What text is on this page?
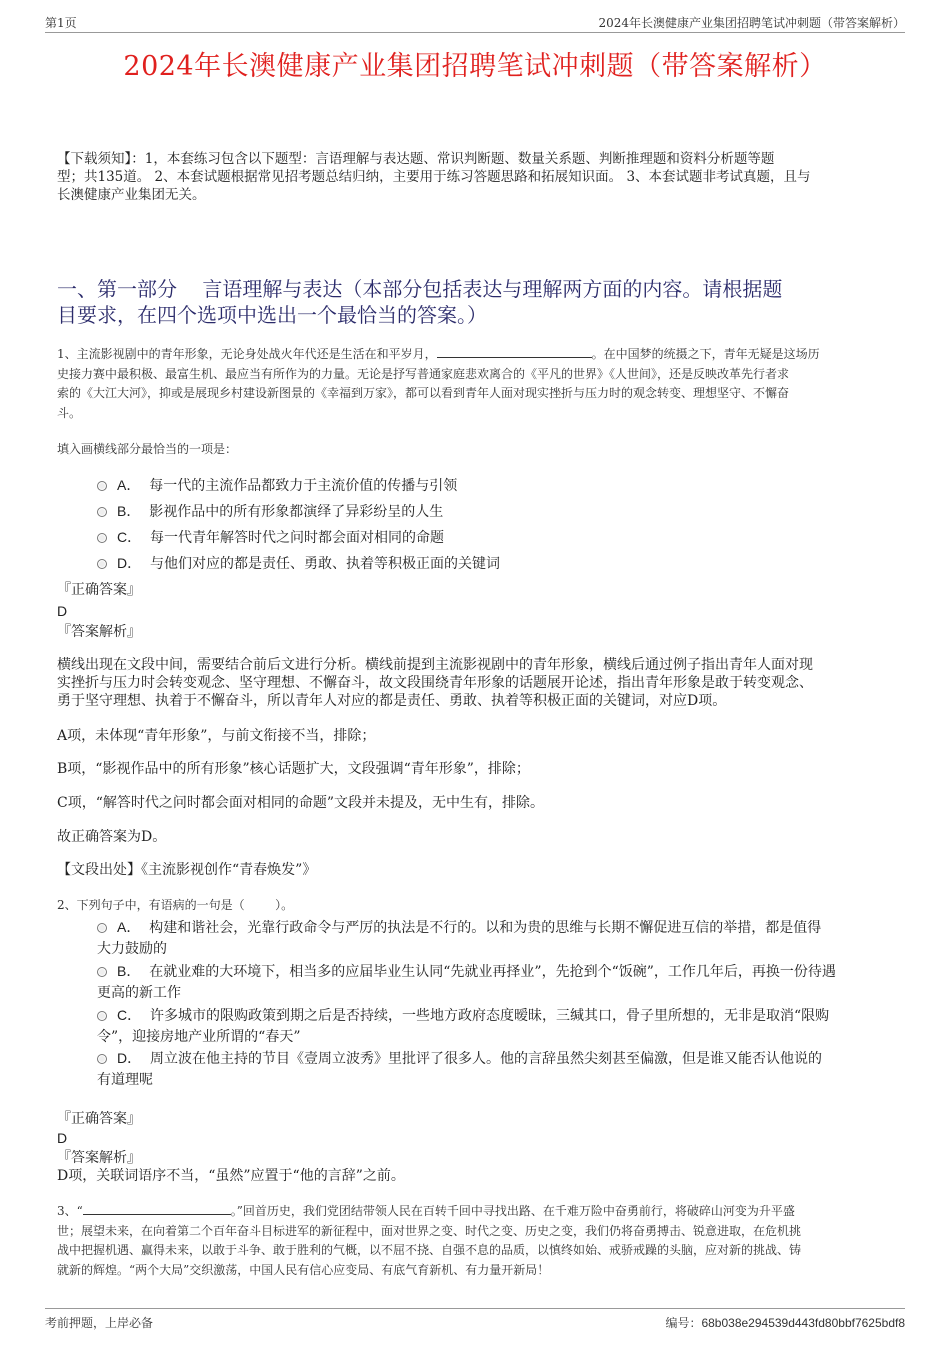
第1页	2024年长澳健康产业集团招聘笔试冲刺题（带答案解析）
2024年长澳健康产业集团招聘笔试冲刺题（带答案解析）
【下载须知】：1，本套练习包含以下题型：言语理解与表达题、常识判断题、数量关系题、判断推理题和资料分析题等题
型；共135道。 2、本套试题根据常见招考题总结归纳，主要用于练习答题思路和拓展知识面。 3、本套试题非考试真题，且与
长澳健康产业集团无关。
一、第一部分    言语理解与表达（本部分包括表达与理解两方面的内容。请根据题
目要求，在四个选项中选出一个最恰当的答案。）
1、主流影视剧中的青年形象，无论身处战火年代还是生活在和平岁月，	。在中国梦的统摄之下，青年无疑是这场历
史接力赛中最积极、最富生机、最应当有所作为的力量。无论是抒写普通家庭悲欢离合的《平凡的世界》《人世间》，还是反映改革先行者求
索的《大江大河》，抑或是展现乡村建设新图景的《幸福到万家》，都可以看到青年人面对现实挫折与压力时的观念转变、理想坚守、不懈奋
斗。
填入画横线部分最恰当的一项是：
A． 每一代的主流作品都致力于主流价值的传播与引领
B． 影视作品中的所有形象都演绎了异彩纷呈的人生
C． 每一代青年解答时代之问时都会面对相同的命题
D． 与他们对应的都是责任、勇敢、执着等积极正面的关键词
『正确答案』
D
『答案解析』
横线出现在文段中间，需要结合前后文进行分析。横线前提到主流影视剧中的青年形象，横线后通过例子指出青年人面对现
实挫折与压力时会转变观念、坚守理想、不懈奋斗，故文段围绕青年形象的话题展开论述，指出青年形象是敢于转变观念、
勇于坚守理想、执着于不懈奋斗，所以青年人对应的都是责任、勇敢、执着等积极正面的关键词，对应D项。
A项，未体现“青年形象”，与前文衔接不当，排除；
B项，“影视作品中的所有形象”核心话题扩大，文段强调“青年形象”，排除；
C项，“解答时代之问时都会面对相同的命题”文段并未提及，无中生有，排除。
故正确答案为D。
【文段出处】《主流影视创作“青春焕发”》
2、下列句子中，有语病的一句是（        ）。
A． 构建和谐社会，光靠行政命令与严厉的执法是不行的。以和为贵的思维与长期不懈促进互信的举措，都是值得
大力鼓励的
B． 在就业难的大环境下，相当多的应届毕业生认同“先就业再择业”，先抢到个“饭碗”，工作几年后，再换一份待遇
更高的新工作
C． 许多城市的限购政策到期之后是否持续，一些地方政府态度暧昧，三缄其口，骨子里所想的，无非是取消“限购
令”，迎接房地产业所谓的“春天”
D． 周立波在他主持的节目《壹周立波秀》里批评了很多人。他的言辞虽然尖刻甚至偏激，但是谁又能否认他说的
有道理呢
『正确答案』
D
『答案解析』
D项，关联词语序不当，“虽然”应置于“他的言辞”之前。
3、“	。”回首历史，我们党团结带领人民在百转千回中寻找出路、在千难万险中奋勇前行，将破碎山河变为升平盛
世；展望未来，在向着第二个百年奋斗目标进军的新征程中，面对世界之变、时代之变、历史之变，我们仍将奋勇搏击、锐意进取，在危机挑
战中把握机遇、赢得未来，以敢于斗争、敢于胜利的气概，以不屈不挠、自强不息的品质，以慎终如始、戒骄戒躁的头脑，应对新的挑战、铸
就新的辉煌。“两个大局”交织激荡，中国人民有信心应变局、有底气育新机、有力量开新局！
考前押题，上岸必备	编号：68b038e294539d443fd80bbf7625bdf8
